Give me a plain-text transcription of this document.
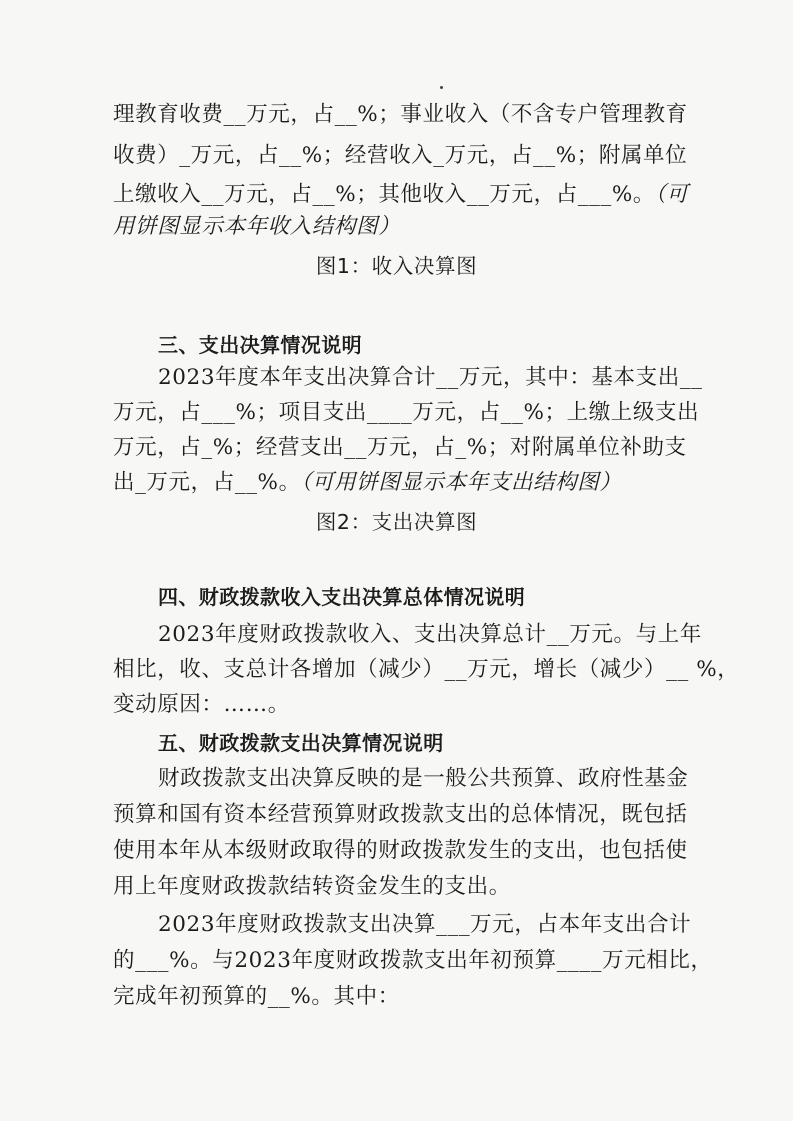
理教育收费__万元，占__%；事业收入（不含专户管理教育
收费）_万元，占__%；经营收入_万元，占__%；附属单位
上缴收入__万元，占__%；其他收入__万元，占___%。（可
用饼图显示本年收入结构图）
图1：收入决算图
三、支出决算情况说明
2023年度本年支出决算合计__万元，其中：基本支出__
万元，占___%；项目支出____万元，占__%；上缴上级支出
万元，占_%；经营支出__万元，占_%；对附属单位补助支
出_万元，占__%。（可用饼图显示本年支出结构图）
图2：支出决算图
四、财政拨款收入支出决算总体情况说明
2023年度财政拨款收入、支出决算总计__万元。与上年
相比，收、支总计各增加（减少）__万元，增长（减少）__ %，
变动原因：……。
五、财政拨款支出决算情况说明
财政拨款支出决算反映的是一般公共预算、政府性基金
预算和国有资本经营预算财政拨款支出的总体情况，既包括
使用本年从本级财政取得的财政拨款发生的支出，也包括使
用上年度财政拨款结转资金发生的支出。
2023年度财政拨款支出决算___万元，占本年支出合计
的___%。与2023年度财政拨款支出年初预算____万元相比，
完成年初预算的__%。其中：
